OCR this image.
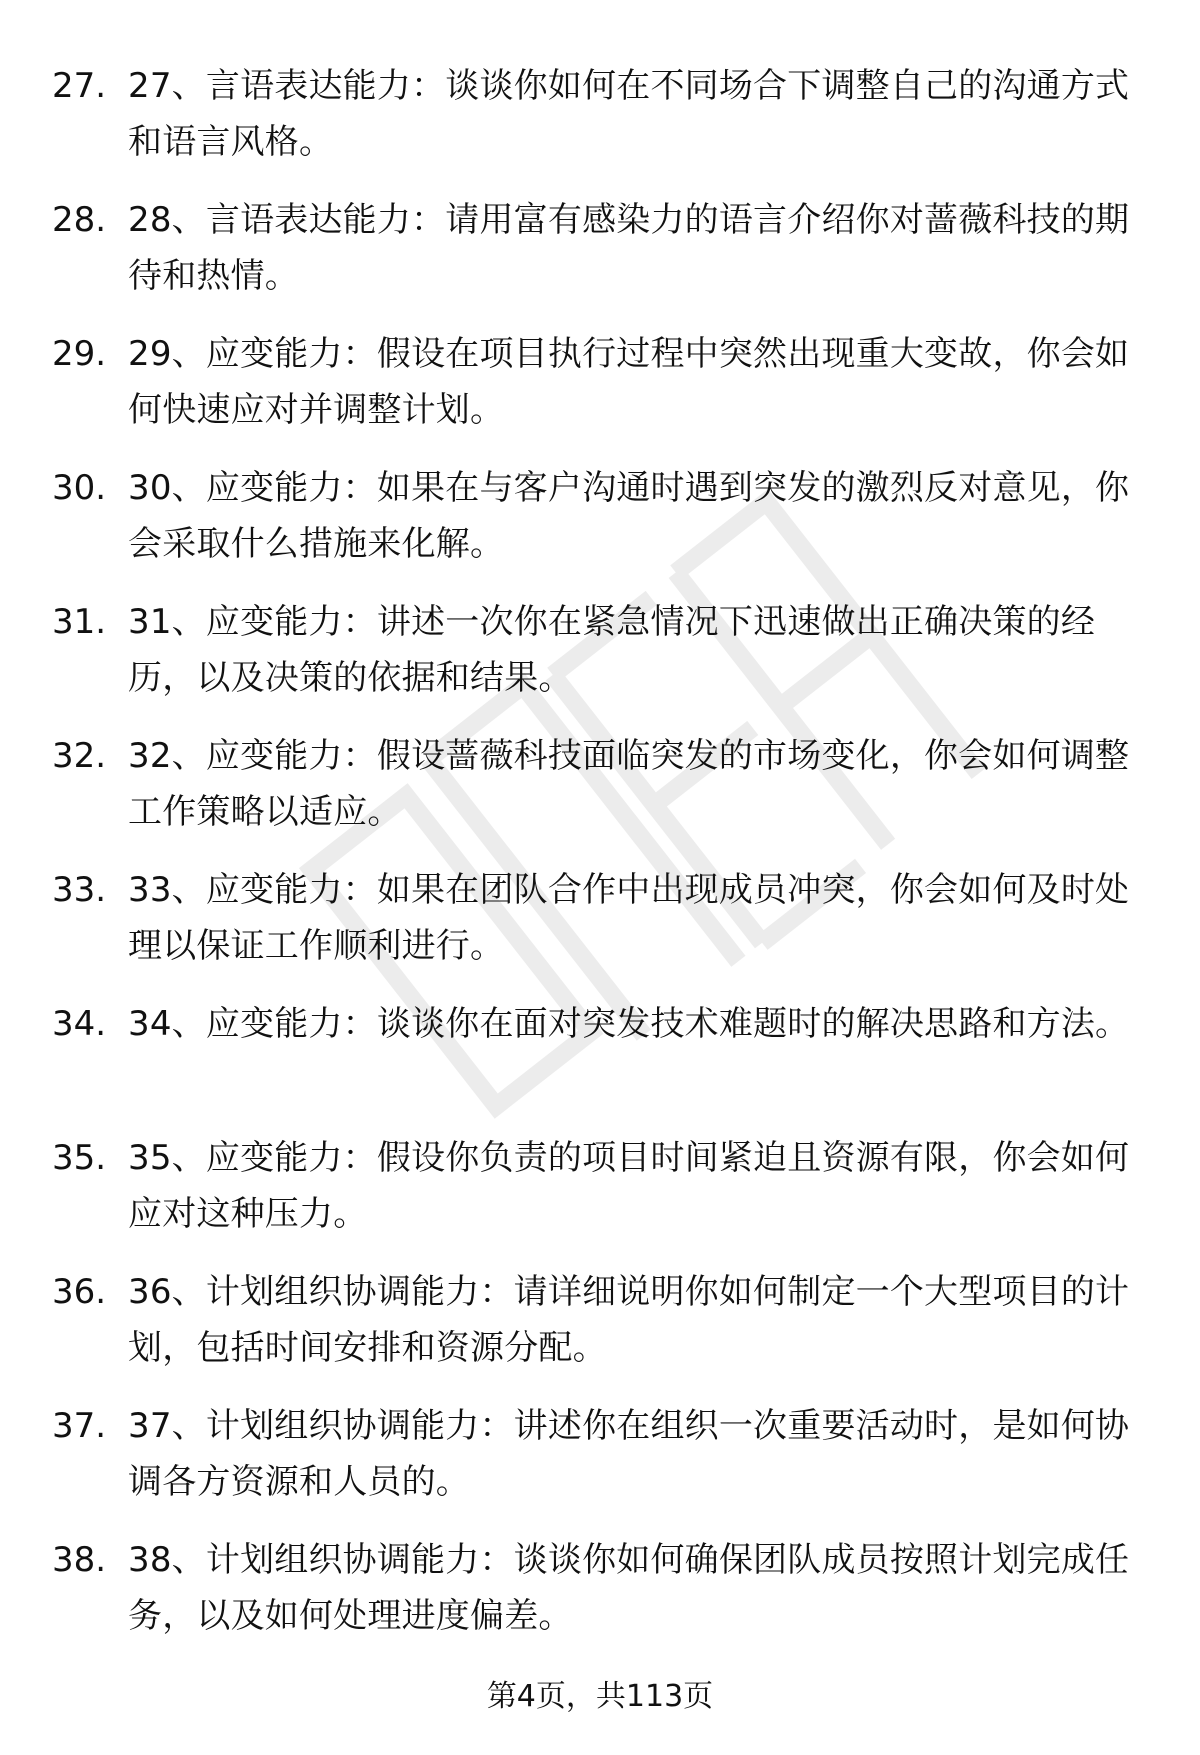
27. 27、言语表达能力：谈谈你如何在不同场合下调整自己的沟通方式和语言风格。
28. 28、言语表达能力：请用富有感染力的语言介绍你对蔷薇科技的期待和热情。
29. 29、应变能力：假设在项目执行过程中突然出现重大变故，你会如何快速应对并调整计划。
30. 30、应变能力：如果在与客户沟通时遇到突发的激烈反对意见，你会采取什么措施来化解。
31. 31、应变能力：讲述一次你在紧急情况下迅速做出正确决策的经历，以及决策的依据和结果。
32. 32、应变能力：假设蔷薇科技面临突发的市场变化，你会如何调整工作策略以适应。
33. 33、应变能力：如果在团队合作中出现成员冲突，你会如何及时处理以保证工作顺利进行。
34. 34、应变能力：谈谈你在面对突发技术难题时的解决思路和方法。
35. 35、应变能力：假设你负责的项目时间紧迫且资源有限，你会如何应对这种压力。
36. 36、计划组织协调能力：请详细说明你如何制定一个大型项目的计划，包括时间安排和资源分配。
37. 37、计划组织协调能力：讲述你在组织一次重要活动时，是如何协调各方资源和人员的。
38. 38、计划组织协调能力：谈谈你如何确保团队成员按照计划完成任务，以及如何处理进度偏差。
第4页，共113页
